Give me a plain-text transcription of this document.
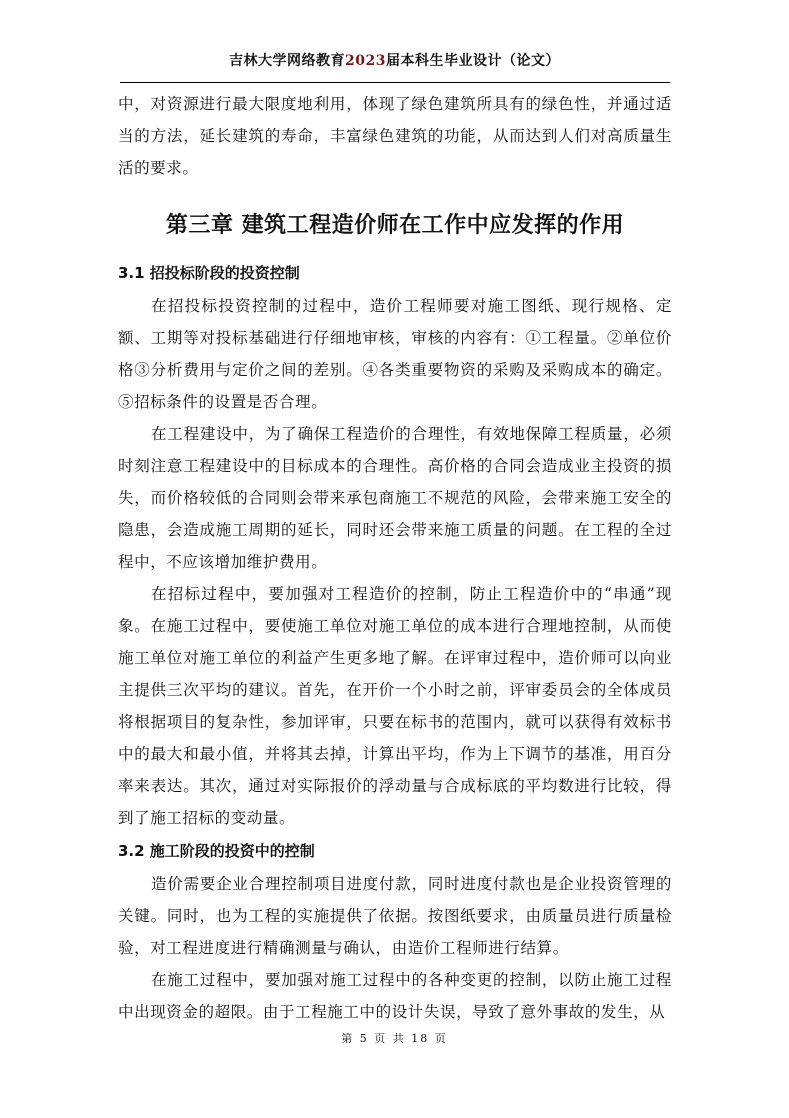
吉林大学网络教育2023届本科生毕业设计（论文）

中，对资源进行最大限度地利用，体现了绿色建筑所具有的绿色性，并通过适当的方法，延长建筑的寿命，丰富绿色建筑的功能，从而达到人们对高质量生活的要求。

第三章 建筑工程造价师在工作中应发挥的作用
3.1 招投标阶段的投资控制

在招投标投资控制的过程中，造价工程师要对施工图纸、现行规格、定额、工期等对投标基础进行仔细地审核，审核的内容有：①工程量。②单位价格③分析费用与定价之间的差别。④各类重要物资的采购及采购成本的确定。⑤招标条件的设置是否合理。

在工程建设中，为了确保工程造价的合理性，有效地保障工程质量，必须时刻注意工程建设中的目标成本的合理性。高价格的合同会造成业主投资的损失，而价格较低的合同则会带来承包商施工不规范的风险，会带来施工安全的隐患，会造成施工周期的延长，同时还会带来施工质量的问题。在工程的全过程中，不应该增加维护费用。

在招标过程中，要加强对工程造价的控制，防止工程造价中的“串通”现象。在施工过程中，要使施工单位对施工单位的成本进行合理地控制，从而使施工单位对施工单位的利益产生更多地了解。在评审过程中，造价师可以向业主提供三次平均的建议。首先，在开价一个小时之前，评审委员会的全体成员将根据项目的复杂性，参加评审，只要在标书的范围内，就可以获得有效标书中的最大和最小值，并将其去掉，计算出平均，作为上下调节的基准，用百分率来表达。其次，通过对实际报价的浮动量与合成标底的平均数进行比较，得到了施工招标的变动量。

3.2 施工阶段的投资中的控制

造价需要企业合理控制项目进度付款，同时进度付款也是企业投资管理的关键。同时，也为工程的实施提供了依据。按图纸要求，由质量员进行质量检验，对工程进度进行精确测量与确认，由造价工程师进行结算。

在施工过程中，要加强对施工过程中的各种变更的控制，以防止施工过程中出现资金的超限。由于工程施工中的设计失误，导致了意外事故的发生，从

第 5 页 共 18 页
